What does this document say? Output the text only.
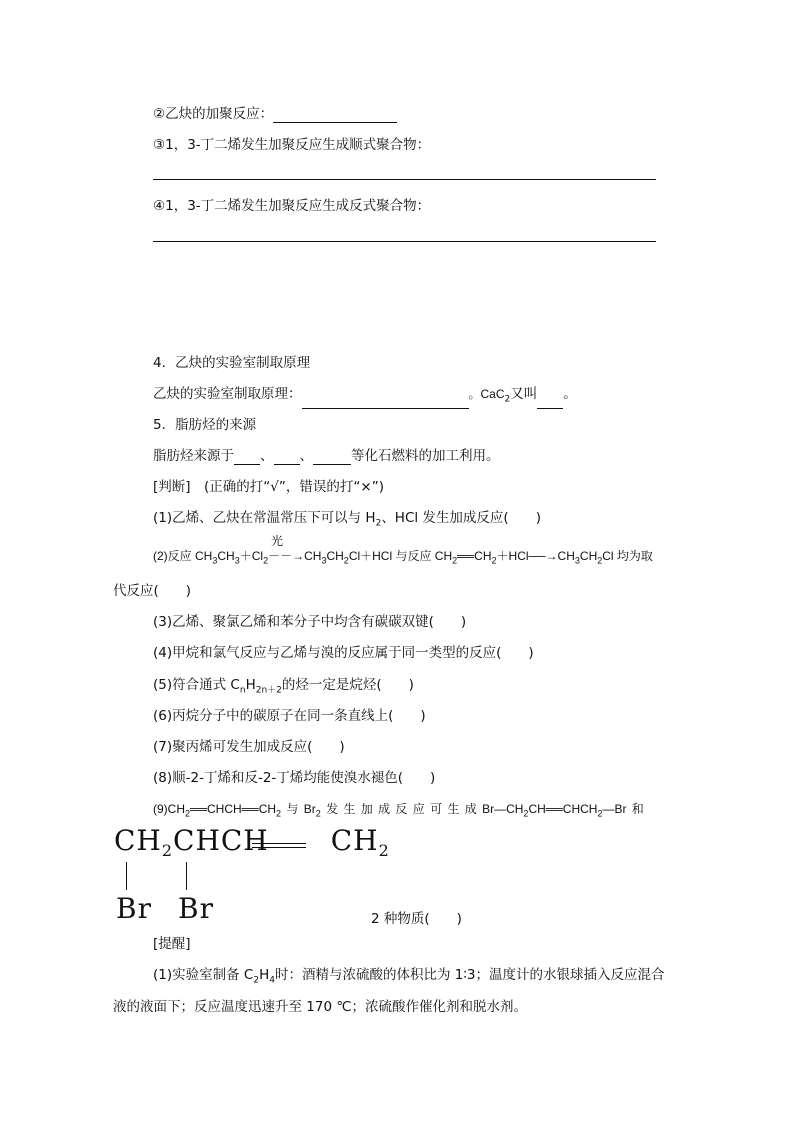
②乙炔的加聚反应：
③1，3-丁二烯发生加聚反应生成顺式聚合物：
④1，3-丁二烯发生加聚反应生成反式聚合物：
4．乙炔的实验室制取原理
乙炔的实验室制取原理：	。CaC$_2$又叫 。
5．脂肪烃的来源
脂肪烃来源于 、 、	等化石燃料的加工利用。
[判断]　(正确的打“√”，错误的打“×”)
(1)乙烯、乙炔在常温常压下可以与 $H_2$、HCl 发生加成反应(　　)
光
(2)反应 $CH_3CH_3+Cl_2--\to CH_3CH_2Cl+HCl$ 与反应 $CH_2══CH_2+HCl──\to CH_3CH_2Cl$ 均为取
代反应(　　)
(3)乙烯、聚氯乙烯和苯分子中均含有碳碳双键(　　)
(4)甲烷和氯气反应与乙烯与溴的反应属于同一类型的反应(　　)
(5)符合通式 $C_nH_{2n+2}$的烃一定是烷烃(　　)
(6)丙烷分子中的碳原子在同一条直线上(　　)
(7)聚丙烯可发生加成反应(　　)
(8)顺-2-丁烯和反-2-丁烯均能使溴水褪色(　　)
$(9)CH_2══CHCH══CH_2$ 与 $Br_2$ 发 生 加 成 反 应 可 生 成 $Br—CH_2CH══CHCH_2—Br$ 和
$CH_2CHCH$ $CH_2$
Br Br	2 种物质(　　)
[提醒]
(1)实验室制备 $C_2H_4$时：酒精与浓硫酸的体积比为 1∶3；温度计的水银球插入反应混合
液的液面下；反应温度迅速升至 170 ℃；浓硫酸作催化剂和脱水剂。
